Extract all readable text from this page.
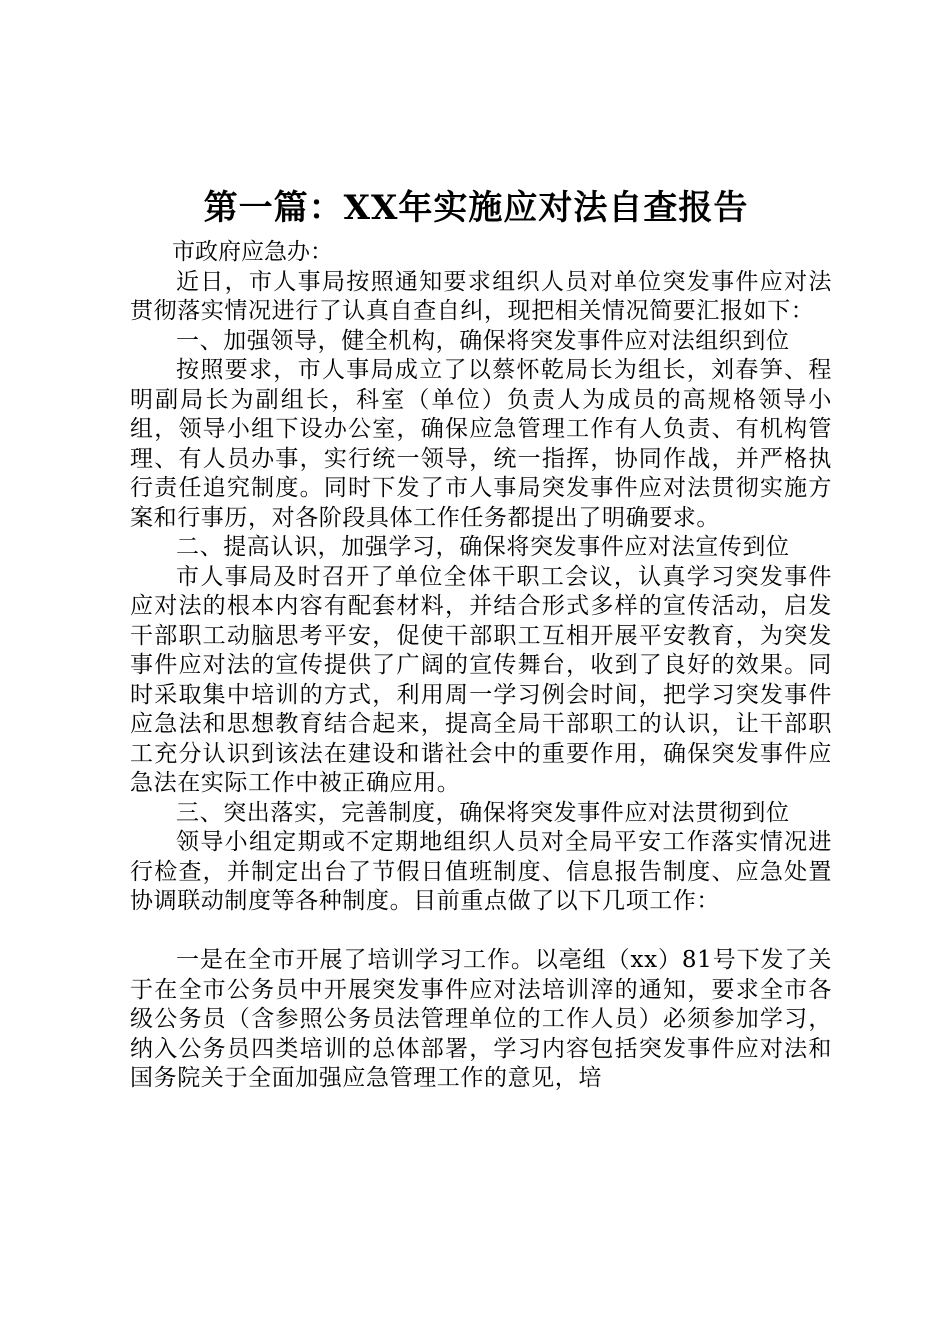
第一篇：XX年实施应对法自查报告

市政府应急办：

近日，市人事局按照通知要求组织人员对单位突发事件应对法贯彻落实情况进行了认真自查自纠，现把相关情况简要汇报如下：

一、加强领导，健全机构，确保将突发事件应对法组织到位

按照要求，市人事局成立了以蔡怀乾局长为组长，刘春笋、程明副局长为副组长，科室（单位）负责人为成员的高规格领导小组，领导小组下设办公室，确保应急管理工作有人负责、有机构管理、有人员办事，实行统一领导，统一指挥，协同作战，并严格执行责任追究制度。同时下发了市人事局突发事件应对法贯彻实施方案和行事历，对各阶段具体工作任务都提出了明确要求。

二、提高认识，加强学习，确保将突发事件应对法宣传到位

市人事局及时召开了单位全体干职工会议，认真学习突发事件应对法的根本内容有配套材料，并结合形式多样的宣传活动，启发干部职工动脑思考平安，促使干部职工互相开展平安教育，为突发事件应对法的宣传提供了广阔的宣传舞台，收到了良好的效果。同时采取集中培训的方式，利用周一学习例会时间，把学习突发事件应急法和思想教育结合起来，提高全局干部职工的认识，让干部职工充分认识到该法在建设和谐社会中的重要作用，确保突发事件应急法在实际工作中被正确应用。

三、突出落实，完善制度，确保将突发事件应对法贯彻到位

领导小组定期或不定期地组织人员对全局平安工作落实情况进行检查，并制定出台了节假日值班制度、信息报告制度、应急处置协调联动制度等各种制度。目前重点做了以下几项工作：

一是在全市开展了培训学习工作。以亳组（xx）81号下发了关于在全市公务员中开展突发事件应对法培训滓的通知，要求全市各级公务员（含参照公务员法管理单位的工作人员）必须参加学习，纳入公务员四类培训的总体部署，学习内容包括突发事件应对法和国务院关于全面加强应急管理工作的意见，培
